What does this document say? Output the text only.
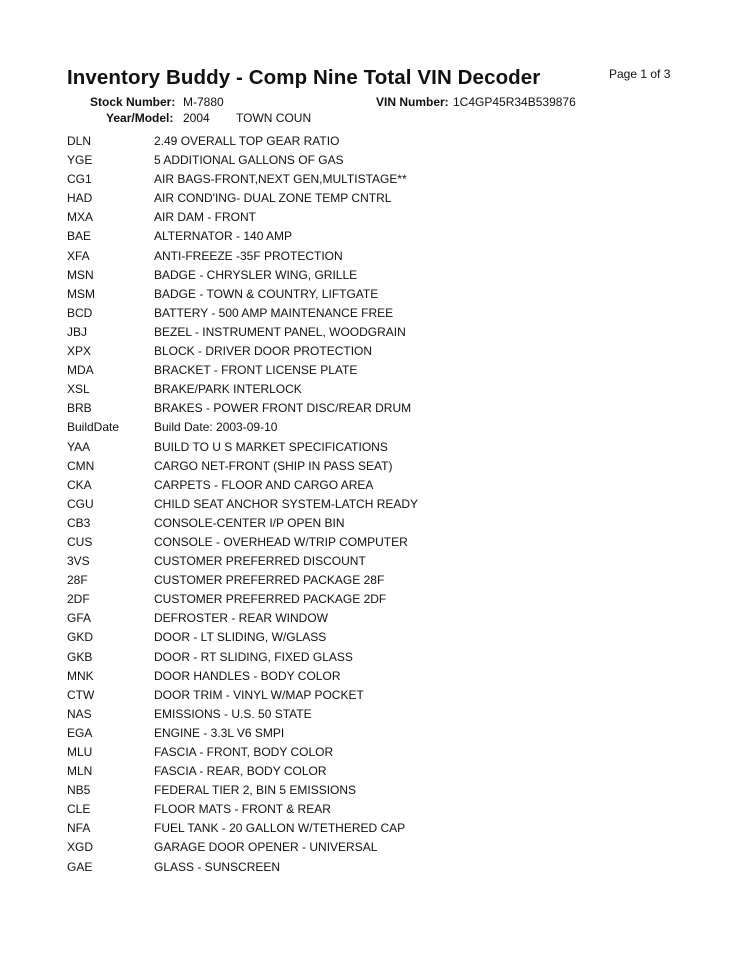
Inventory Buddy - Comp Nine Total VIN Decoder	Page 1 of 3
Stock Number: M-7880	VIN Number: 1C4GP45R34B539876
Year/Model: 2004 TOWN COUN
DLN	2.49 OVERALL TOP GEAR RATIO
YGE	5 ADDITIONAL GALLONS OF GAS
CG1	AIR BAGS-FRONT,NEXT GEN,MULTISTAGE**
HAD	AIR COND'ING- DUAL ZONE TEMP CNTRL
MXA	AIR DAM - FRONT
BAE	ALTERNATOR - 140 AMP
XFA	ANTI-FREEZE -35F PROTECTION
MSN	BADGE - CHRYSLER WING, GRILLE
MSM	BADGE - TOWN & COUNTRY, LIFTGATE
BCD	BATTERY - 500 AMP MAINTENANCE FREE
JBJ	BEZEL - INSTRUMENT PANEL, WOODGRAIN
XPX	BLOCK - DRIVER DOOR PROTECTION
MDA	BRACKET - FRONT LICENSE PLATE
XSL	BRAKE/PARK INTERLOCK
BRB	BRAKES - POWER FRONT DISC/REAR DRUM
BuildDate	Build Date: 2003-09-10
YAA	BUILD TO U S MARKET SPECIFICATIONS
CMN	CARGO NET-FRONT (SHIP IN PASS SEAT)
CKA	CARPETS - FLOOR AND CARGO AREA
CGU	CHILD SEAT ANCHOR SYSTEM-LATCH READY
CB3	CONSOLE-CENTER I/P OPEN BIN
CUS	CONSOLE - OVERHEAD W/TRIP COMPUTER
3VS	CUSTOMER PREFERRED DISCOUNT
28F	CUSTOMER PREFERRED PACKAGE 28F
2DF	CUSTOMER PREFERRED PACKAGE 2DF
GFA	DEFROSTER - REAR WINDOW
GKD	DOOR - LT SLIDING, W/GLASS
GKB	DOOR - RT SLIDING, FIXED GLASS
MNK	DOOR HANDLES - BODY COLOR
CTW	DOOR TRIM - VINYL W/MAP POCKET
NAS	EMISSIONS - U.S. 50 STATE
EGA	ENGINE - 3.3L V6 SMPI
MLU	FASCIA - FRONT, BODY COLOR
MLN	FASCIA - REAR, BODY COLOR
NB5	FEDERAL TIER 2, BIN 5 EMISSIONS
CLE	FLOOR MATS - FRONT & REAR
NFA	FUEL TANK - 20 GALLON W/TETHERED CAP
XGD	GARAGE DOOR OPENER - UNIVERSAL
GAE	GLASS - SUNSCREEN
